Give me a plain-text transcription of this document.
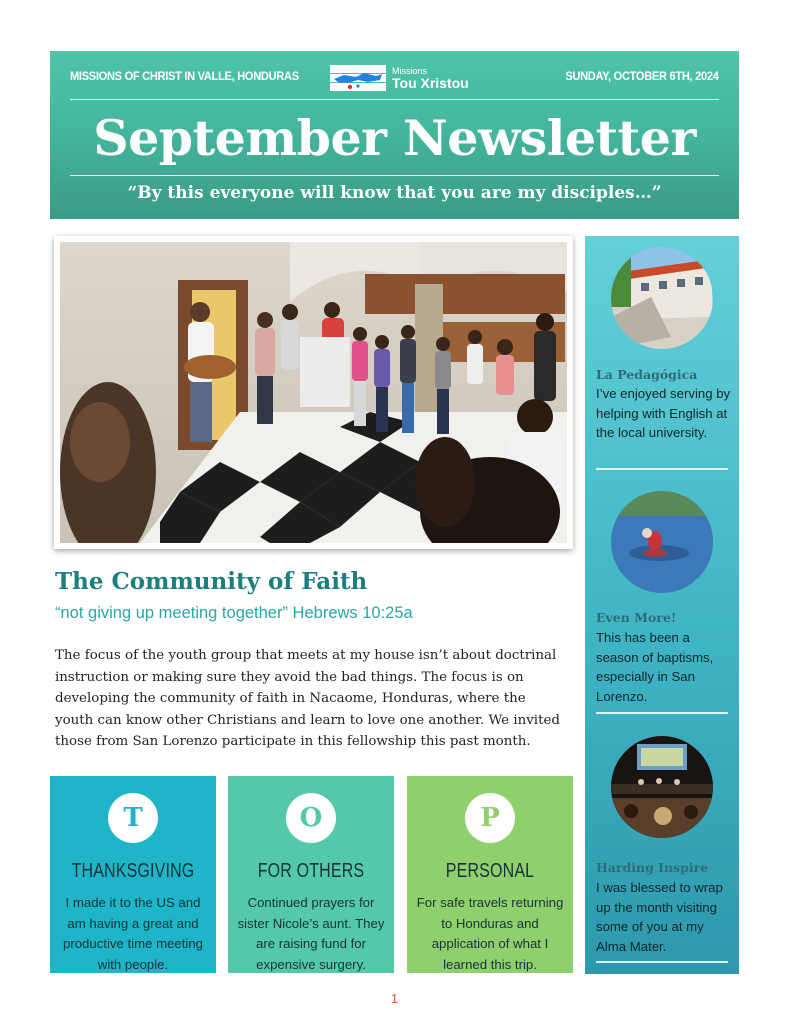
MISSIONS OF CHRIST IN VALLE, HONDURAS	Missions
Tou Xristou	SUNDAY, OCTOBER 6TH, 2024
September Newsletter
“By this everyone will know that you are my disciples…”
The Community of Faith
“not giving up meeting together” Hebrews 10:25a
The focus of the youth group that meets at my house isn’t about doctrinal instruction or making sure they avoid the bad things. The focus is on developing the community of faith in Nacaome, Honduras, where the youth can know other Christians and learn to love one another. We invited those from San Lorenzo participate in this fellowship this past month.
T
THANKSGIVING
I made it to the US and am having a great and productive time meeting with people.
O
FOR OTHERS
Continued prayers for sister Nicole’s aunt. They are raising fund for expensive surgery.
P
PERSONAL
For safe travels returning to Honduras and application of what I learned this trip.
La Pedagógica
I’ve enjoyed serving by helping with English at the local university.
Even More!
This has been a season of baptisms, especially in San Lorenzo.
Harding Inspire
I was blessed to wrap up the month visiting some of you at my Alma Mater.
1
